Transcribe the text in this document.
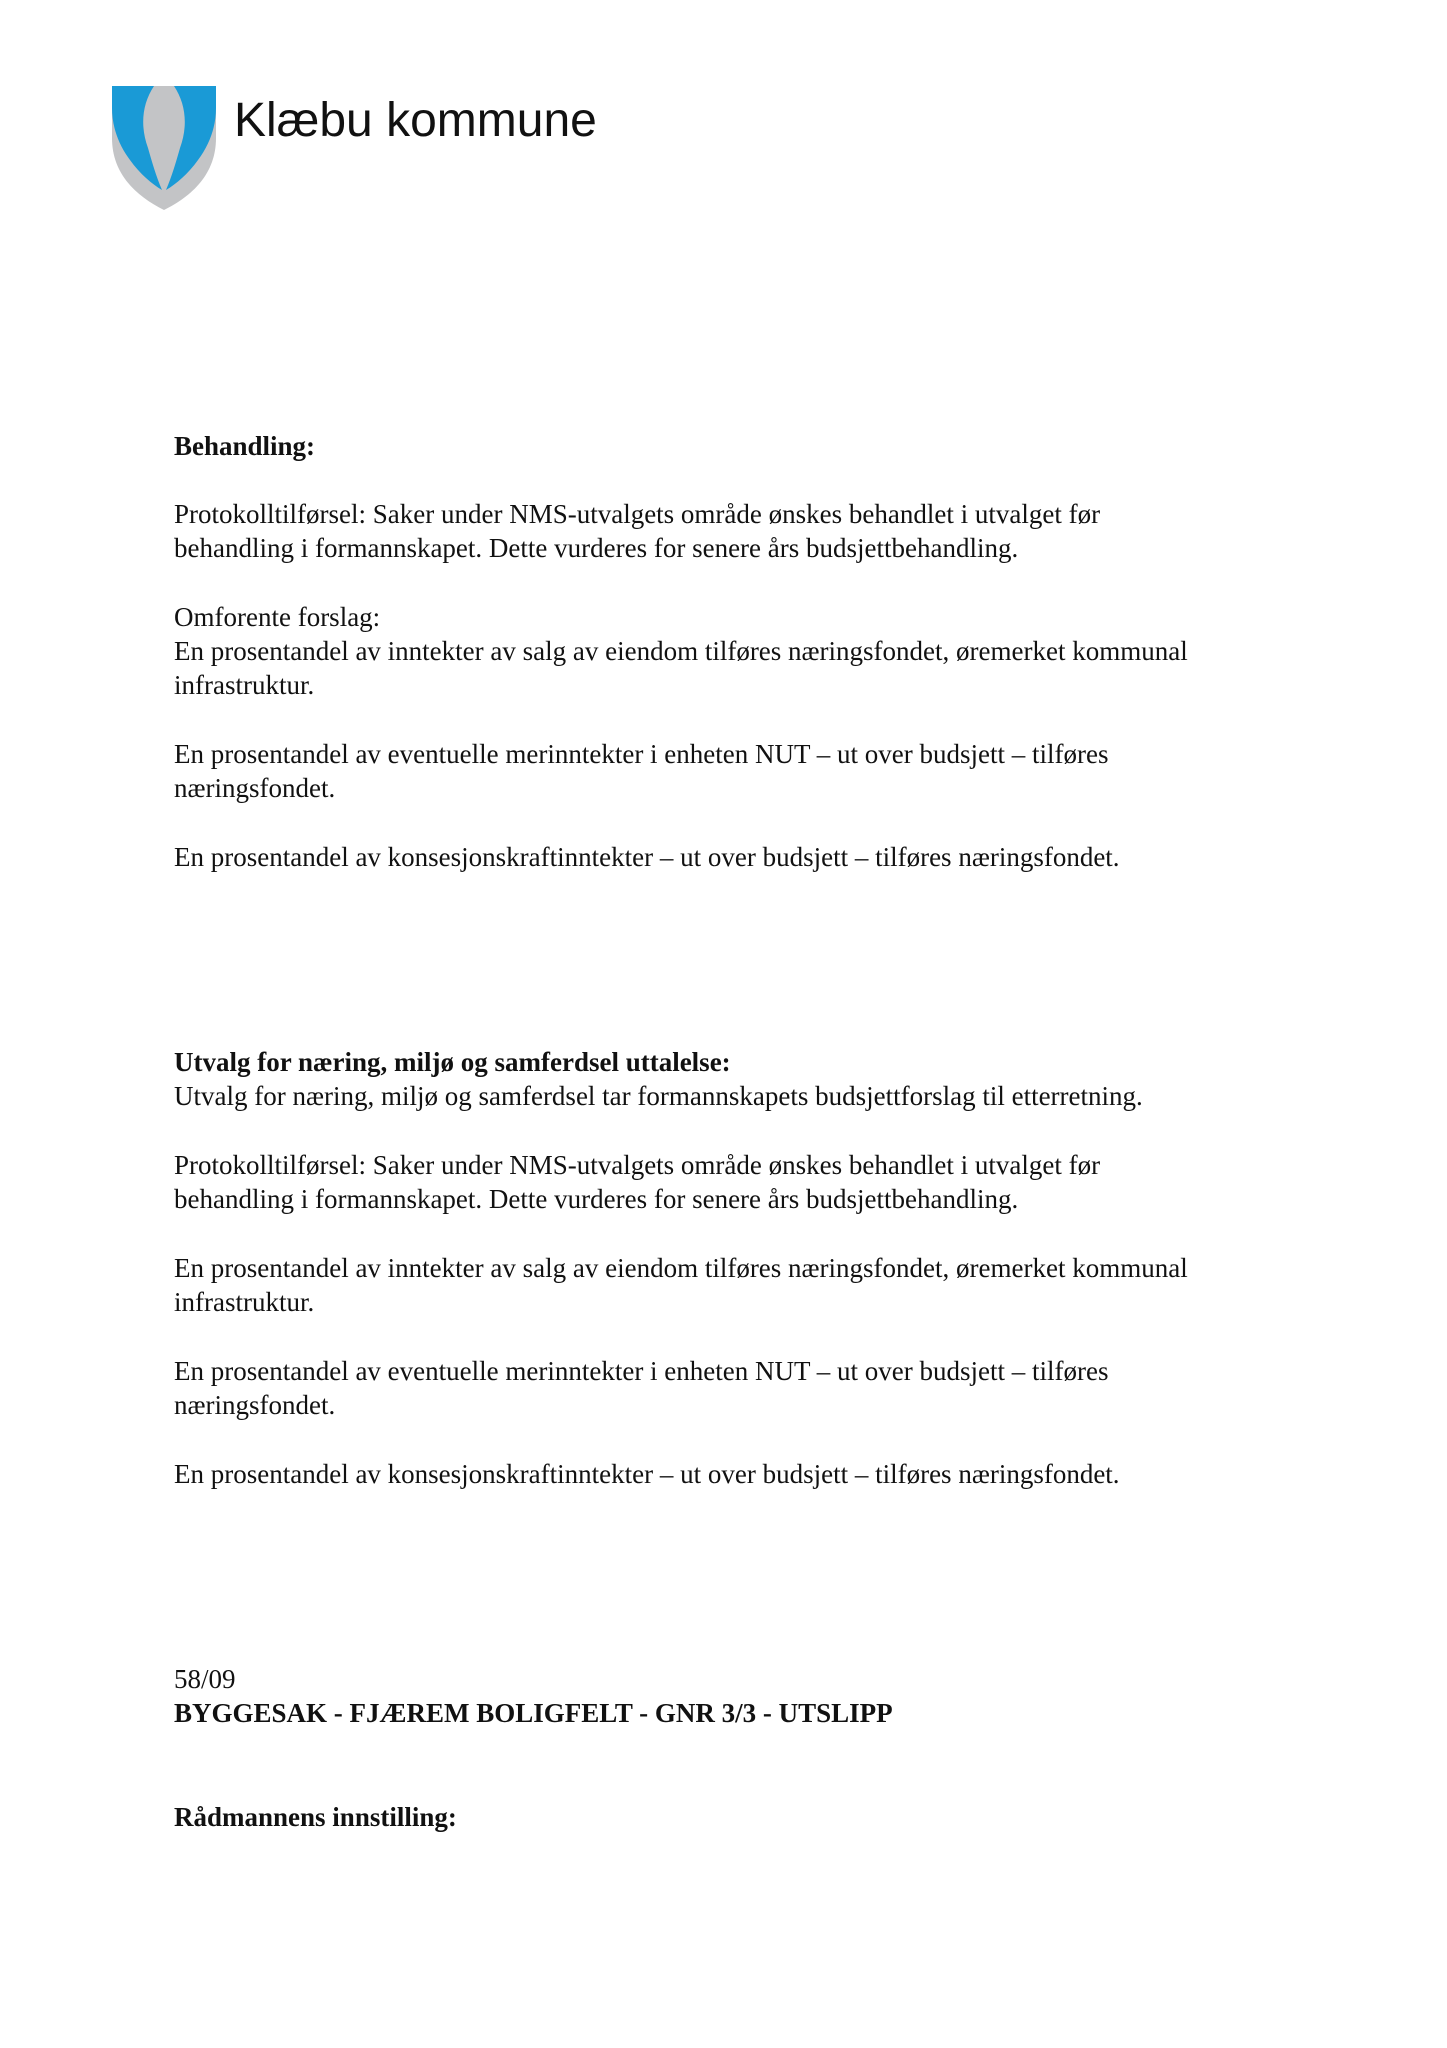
Klæbu kommune

Behandling:

Protokolltilførsel: Saker under NMS-utvalgets område ønskes behandlet i utvalget før

behandling i formannskapet. Dette vurderes for senere års budsjettbehandling.

Omforente forslag:

En prosentandel av inntekter av salg av eiendom tilføres næringsfondet, øremerket kommunal

infrastruktur.

En prosentandel av eventuelle merinntekter i enheten NUT – ut over budsjett – tilføres

næringsfondet.

En prosentandel av konsesjonskraftinntekter – ut over budsjett – tilføres næringsfondet.

Utvalg for næring, miljø og samferdsel uttalelse:

Utvalg for næring, miljø og samferdsel tar formannskapets budsjettforslag til etterretning.

Protokolltilførsel: Saker under NMS-utvalgets område ønskes behandlet i utvalget før

behandling i formannskapet. Dette vurderes for senere års budsjettbehandling.

En prosentandel av inntekter av salg av eiendom tilføres næringsfondet, øremerket kommunal

infrastruktur.

En prosentandel av eventuelle merinntekter i enheten NUT – ut over budsjett – tilføres

næringsfondet.

En prosentandel av konsesjonskraftinntekter – ut over budsjett – tilføres næringsfondet.

58/09

BYGGESAK - FJÆREM BOLIGFELT - GNR 3/3 - UTSLIPP

Rådmannens innstilling:
